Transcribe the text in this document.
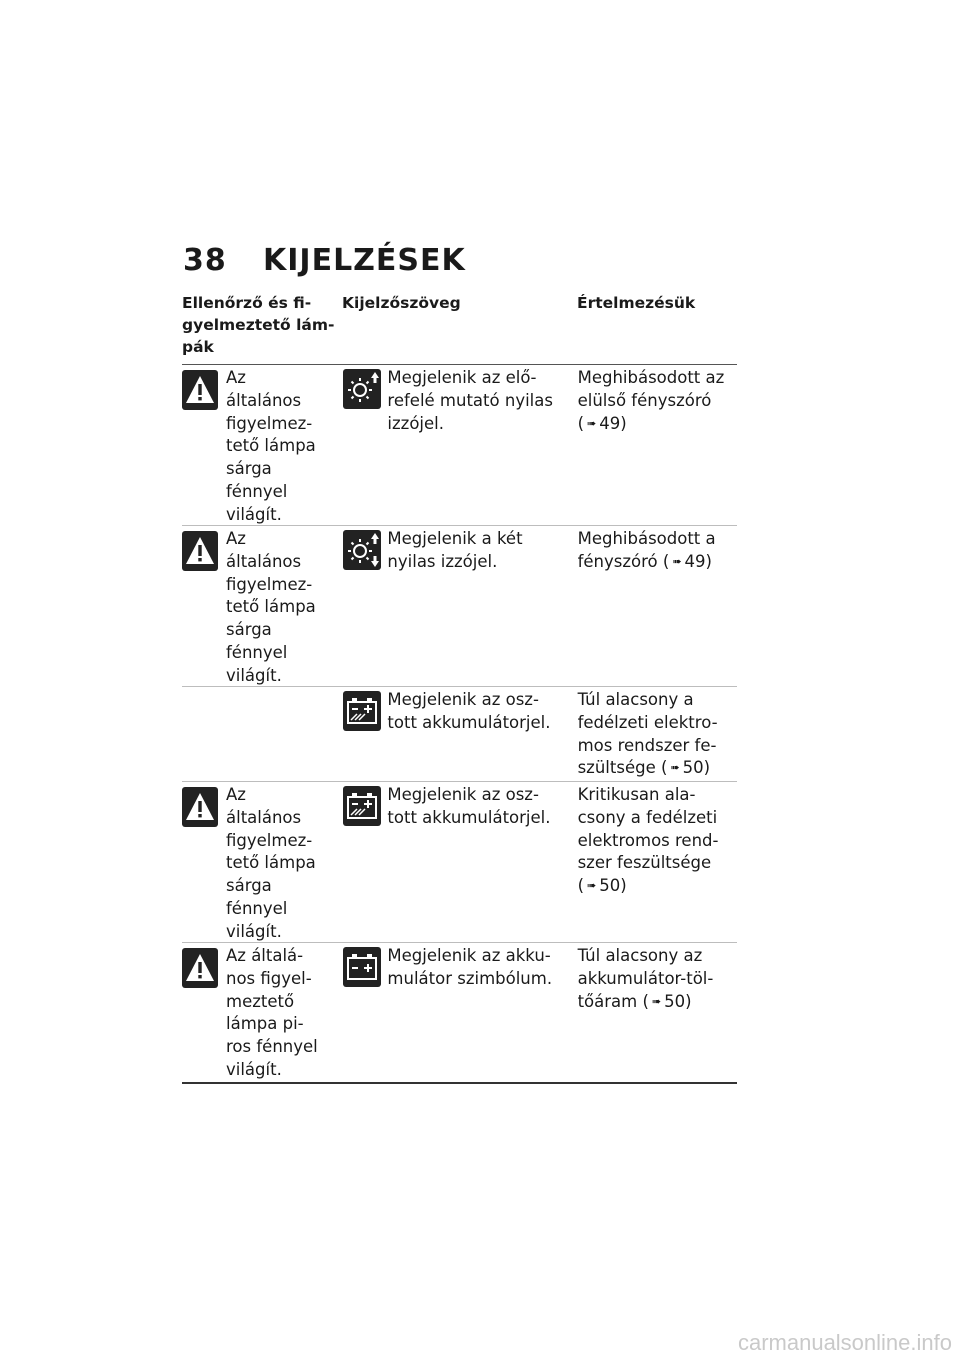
38	KIJELZÉSEK
Ellenőrző és fi-
gyelmeztető lám-
pák
Kijelzőszöveg	Értelmezésük
Az
általános
figyelmez-
tető lámpa
sárga
fénnyel
világít.
Megjelenik az elő-
refelé mutató nyilas
izzójel.
Meghibásodott az
elülső fényszóró
( ➠ 49)
Az
általános
figyelmez-
tető lámpa
sárga
fénnyel
világít.
Megjelenik a két
nyilas izzójel.
Meghibásodott a
fényszóró ( ➠ 49)
Megjelenik az osz-
tott akkumulátorjel.
Túl alacsony a
fedélzeti elektro-
mos rendszer fe-
szültsége ( ➠ 50)
Az
általános
figyelmez-
tető lámpa
sárga
fénnyel
világít.
Megjelenik az osz-
tott akkumulátorjel.
Kritikusan ala-
csony a fedélzeti
elektromos rend-
szer feszültsége
( ➠ 50)
Az általá-
nos figyel-
meztető
lámpa pi-
ros fénnyel
világít.
Megjelenik az akku-
mulátor szimbólum.
Túl alacsony az
akkumulátor-töl-
tőáram ( ➠ 50)
carmanualsonline.info
